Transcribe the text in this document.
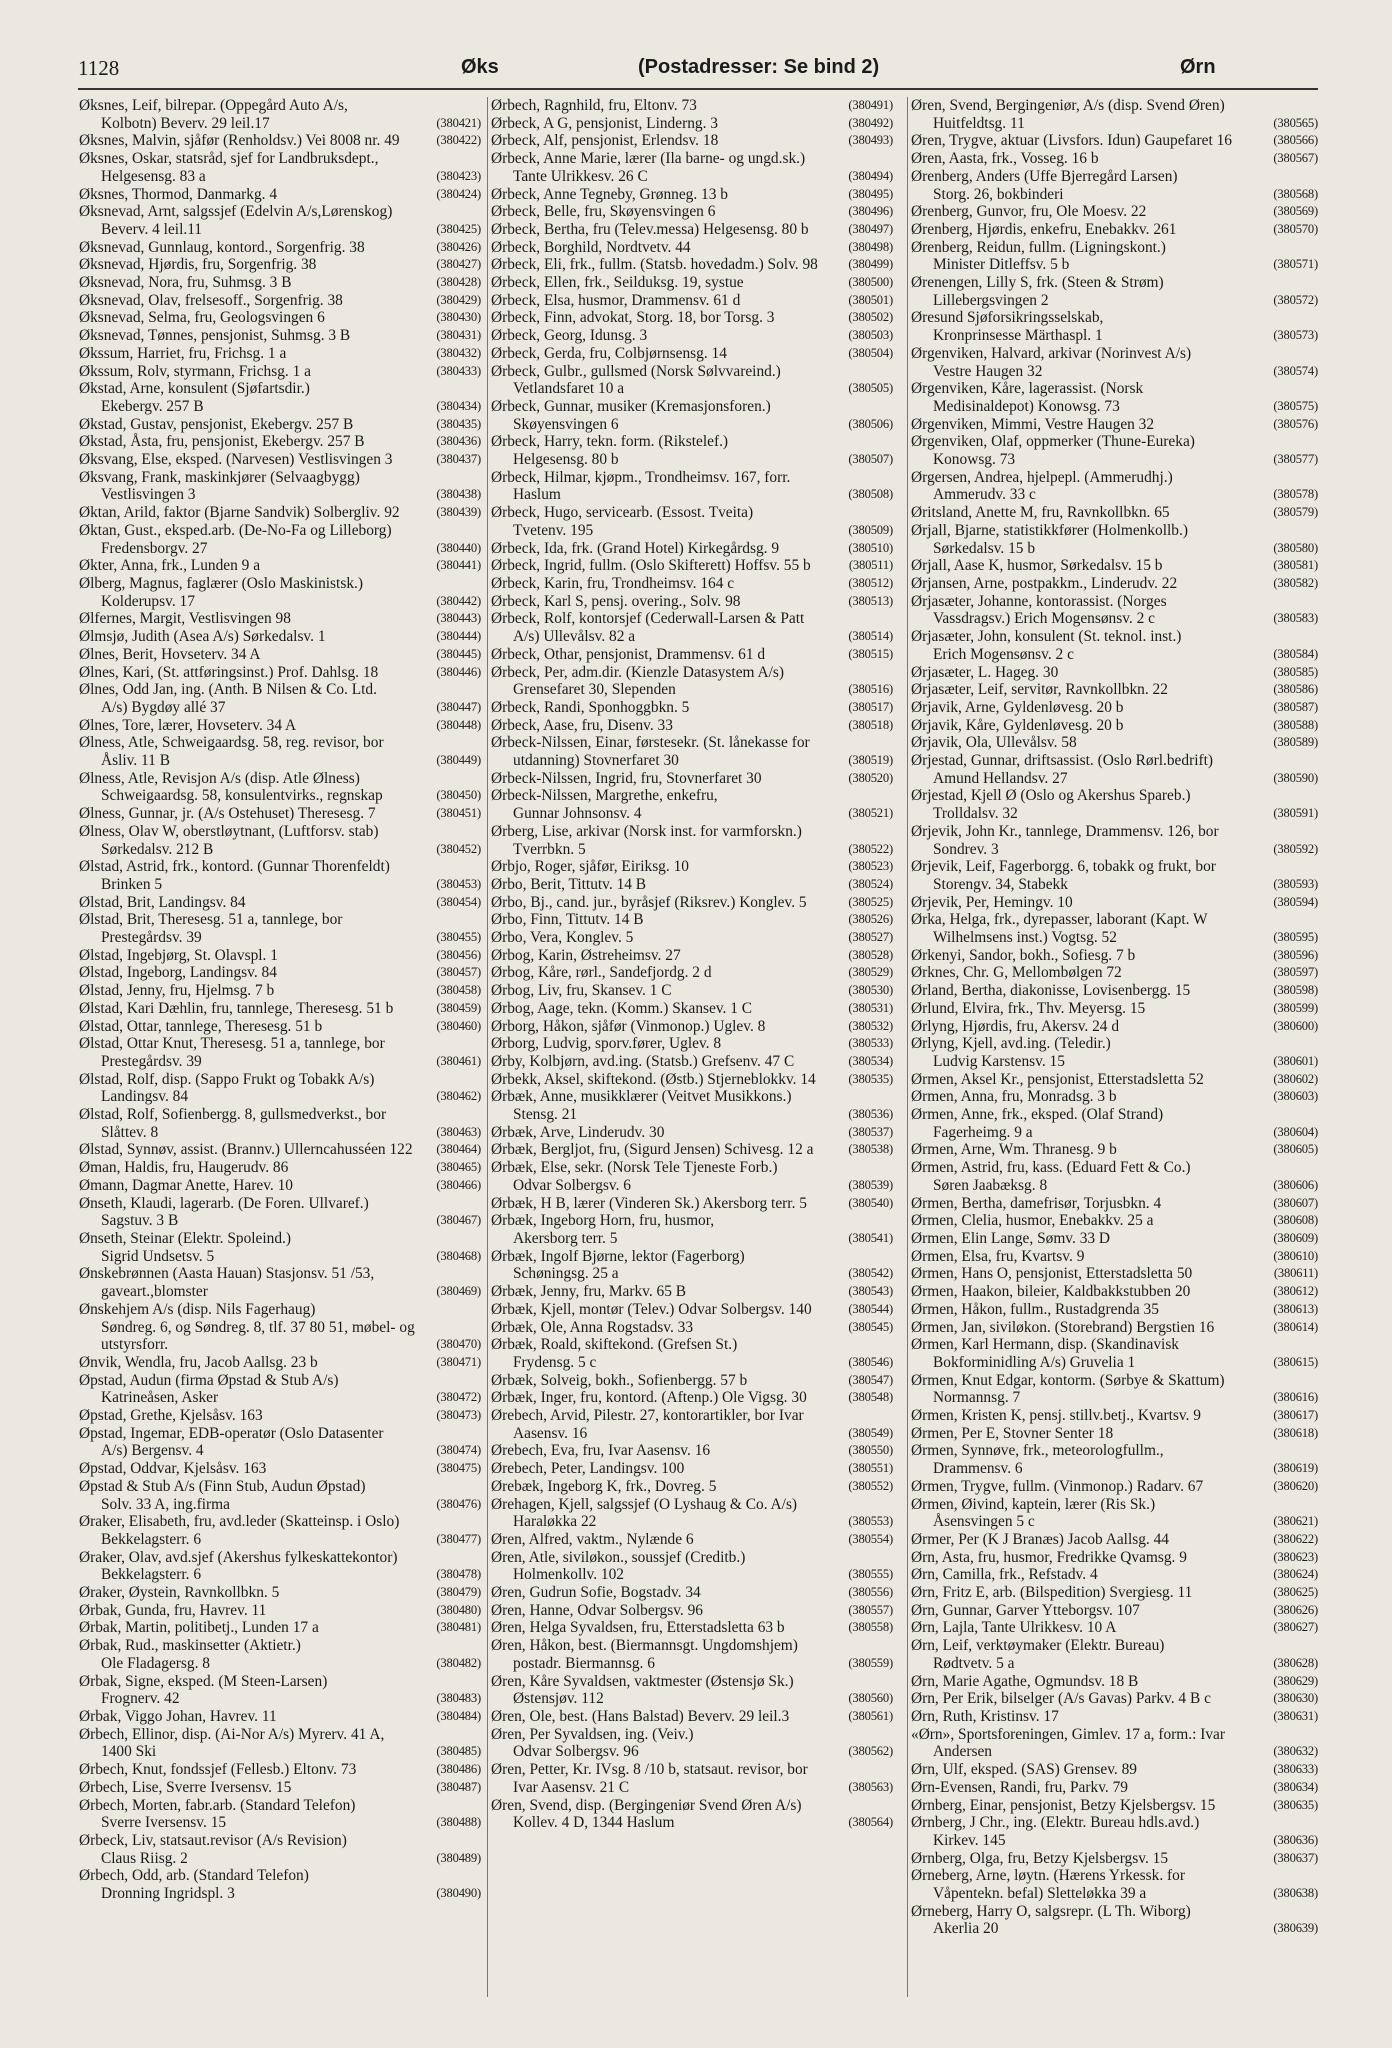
1128	Øks	(Postadresser: Se bind 2)	Ørn
Øksnes, Leif, bilrepar. (Oppegård Auto A/s,
Kolbotn) Beverv. 29 leil.17	(380421)
Øksnes, Malvin, sjåfør (Renholdsv.) Vei 8008 nr. 49	(380422)
Øksnes, Oskar, statsråd, sjef for Landbruksdept.,
Helgesensg. 83 a	(380423)
Øksnes, Thormod, Danmarkg. 4	(380424)
Øksnevad, Arnt, salgssjef (Edelvin A/s,Lørenskog)
Beverv. 4 leil.11	(380425)
Øksnevad, Gunnlaug, kontord., Sorgenfrig. 38	(380426)
Øksnevad, Hjørdis, fru, Sorgenfrig. 38	(380427)
Øksnevad, Nora, fru, Suhmsg. 3 B	(380428)
Øksnevad, Olav, frelsesoff., Sorgenfrig. 38	(380429)
Øksnevad, Selma, fru, Geologsvingen 6	(380430)
Øksnevad, Tønnes, pensjonist, Suhmsg. 3 B	(380431)
Økssum, Harriet, fru, Frichsg. 1 a	(380432)
Økssum, Rolv, styrmann, Frichsg. 1 a	(380433)
Økstad, Arne, konsulent (Sjøfartsdir.)
Ekebergv. 257 B	(380434)
Økstad, Gustav, pensjonist, Ekebergv. 257 B	(380435)
Økstad, Åsta, fru, pensjonist, Ekebergv. 257 B	(380436)
Øksvang, Else, eksped. (Narvesen) Vestlisvingen 3	(380437)
Øksvang, Frank, maskinkjører (Selvaagbygg)
Vestlisvingen 3	(380438)
Øktan, Arild, faktor (Bjarne Sandvik) Solbergliv. 92	(380439)
Øktan, Gust., eksped.arb. (De-No-Fa og Lilleborg)
Fredensborgv. 27	(380440)
Økter, Anna, frk., Lunden 9 a	(380441)
Ølberg, Magnus, faglærer (Oslo Maskinistsk.)
Kolderupsv. 17	(380442)
Ølfernes, Margit, Vestlisvingen 98	(380443)
Ølmsjø, Judith (Asea A/s) Sørkedalsv. 1	(380444)
Ølnes, Berit, Hovseterv. 34 A	(380445)
Ølnes, Kari, (St. attføringsinst.) Prof. Dahlsg. 18	(380446)
Ølnes, Odd Jan, ing. (Anth. B Nilsen & Co. Ltd.
A/s) Bygdøy allé 37	(380447)
Ølnes, Tore, lærer, Hovseterv. 34 A	(380448)
Ølness, Atle, Schweigaardsg. 58, reg. revisor, bor
Åsliv. 11 B	(380449)
Ølness, Atle, Revisjon A/s (disp. Atle Ølness)
Schweigaardsg. 58, konsulentvirks., regnskap	(380450)
Ølness, Gunnar, jr. (A/s Ostehuset) Theresesg. 7	(380451)
Ølness, Olav W, oberstløytnant, (Luftforsv. stab)
Sørkedalsv. 212 B	(380452)
Ølstad, Astrid, frk., kontord. (Gunnar Thorenfeldt)
Brinken 5	(380453)
Ølstad, Brit, Landingsv. 84	(380454)
Ølstad, Brit, Theresesg. 51 a, tannlege, bor
Prestegårdsv. 39	(380455)
Ølstad, Ingebjørg, St. Olavspl. 1	(380456)
Ølstad, Ingeborg, Landingsv. 84	(380457)
Ølstad, Jenny, fru, Hjelmsg. 7 b	(380458)
Ølstad, Kari Dæhlin, fru, tannlege, Theresesg. 51 b	(380459)
Ølstad, Ottar, tannlege, Theresesg. 51 b	(380460)
Ølstad, Ottar Knut, Theresesg. 51 a, tannlege, bor
Prestegårdsv. 39	(380461)
Ølstad, Rolf, disp. (Sappo Frukt og Tobakk A/s)
Landingsv. 84	(380462)
Ølstad, Rolf, Sofienbergg. 8, gullsmedverkst., bor
Slåttev. 8	(380463)
Ølstad, Synnøv, assist. (Brannv.) Ullerncahusséen 122 (380464)
Øman, Haldis, fru, Haugerudv. 86	(380465)
Ømann, Dagmar Anette, Harev. 10	(380466)
Ønseth, Klaudi, lagerarb. (De Foren. Ullvaref.)
Sagstuv. 3 B	(380467)
Ønseth, Steinar (Elektr. Spoleind.)
Sigrid Undsetsv. 5	(380468)
Ønskebrønnen (Aasta Hauan) Stasjonsv. 51 /53,
gaveart.,blomster	(380469)
Ønskehjem A/s (disp. Nils Fagerhaug)
Søndreg. 6, og Søndreg. 8, tlf. 37 80 51, møbel- og utstyrsforr.	(380470)
Ønvik, Wendla, fru, Jacob Aallsg. 23 b	(380471)
Øpstad, Audun (firma Øpstad & Stub A/s)
Katrineåsen, Asker	(380472)
Øpstad, Grethe, Kjelsåsv. 163	(380473)
Øpstad, Ingemar, EDB-operatør (Oslo Datasenter
A/s) Bergensv. 4	(380474)
Øpstad, Oddvar, Kjelsåsv. 163	(380475)
Øpstad & Stub A/s (Finn Stub, Audun Øpstad)
Solv. 33 A, ing.firma	(380476)
Øraker, Elisabeth, fru, avd.leder (Skatteinsp. i Oslo)
Bekkelagsterr. 6	(380477)
Øraker, Olav, avd.sjef (Akershus fylkeskattekontor)
Bekkelagsterr. 6	(380478)
Øraker, Øystein, Ravnkollbkn. 5	(380479)
Ørbak, Gunda, fru, Havrev. 11	(380480)
Ørbak, Martin, politibetj., Lunden 17 a	(380481)
Ørbak, Rud., maskinsetter (Aktietr.)
Ole Fladagersg. 8	(380482)
Ørbak, Signe, eksped. (M Steen-Larsen)
Frognerv. 42	(380483)
Ørbak, Viggo Johan, Havrev. 11	(380484)
Ørbech, Ellinor, disp. (Ai-Nor A/s) Myrerv. 41 A,
1400 Ski	(380485)
Ørbech, Knut, fondssjef (Fellesb.) Eltonv. 73	(380486)
Ørbech, Lise, Sverre Iversensv. 15	(380487)
Ørbech, Morten, fabr.arb. (Standard Telefon)
Sverre Iversensv. 15	(380488)
Ørbeck, Liv, statsaut.revisor (A/s Revision)
Claus Riisg. 2	(380489)
Ørbech, Odd, arb. (Standard Telefon)
Dronning Ingridspl. 3	(380490)
Ørbech, Ragnhild, fru, Eltonv. 73	(380491)
Ørbeck, A G, pensjonist, Linderng. 3	(380492)
Ørbeck, Alf, pensjonist, Erlendsv. 18	(380493)
Ørbeck, Anne Marie, lærer (Ila barne- og ungd.sk.)
Tante Ulrikkesv. 26 C	(380494)
Ørbeck, Anne Tegneby, Grønneg. 13 b	(380495)
Ørbeck, Belle, fru, Skøyensvingen 6	(380496)
Ørbeck, Bertha, fru (Telev.messa) Helgesensg. 80 b	(380497)
Ørbeck, Borghild, Nordtvetv. 44	(380498)
Ørbeck, Eli, frk., fullm. (Statsb. hovedadm.) Solv. 98 (380499)
Ørbeck, Ellen, frk., Seilduksg. 19, systue	(380500)
Ørbeck, Elsa, husmor, Drammensv. 61 d	(380501)
Ørbeck, Finn, advokat, Storg. 18, bor Torsg. 3	(380502)
Ørbeck, Georg, Idunsg. 3	(380503)
Ørbeck, Gerda, fru, Colbjørnsensg. 14	(380504)
Ørbeck, Gulbr., gullsmed (Norsk Sølvvareind.)
Vetlandsfaret 10 a	(380505)
Ørbeck, Gunnar, musiker (Kremasjonsforen.)
Skøyensvingen 6	(380506)
Ørbeck, Harry, tekn. form. (Rikstelef.)
Helgesensg. 80 b	(380507)
Ørbeck, Hilmar, kjøpm., Trondheimsv. 167, forr.
Haslum	(380508)
Ørbeck, Hugo, servicearb. (Essost. Tveita)
Tvetenv. 195	(380509)
Ørbeck, Ida, frk. (Grand Hotel) Kirkegårdsg. 9	(380510)
Ørbeck, Ingrid, fullm. (Oslo Skifterett) Hoffsv. 55 b	(380511)
Ørbeck, Karin, fru, Trondheimsv. 164 c	(380512)
Ørbeck, Karl S, pensj. overing., Solv. 98	(380513)
Ørbeck, Rolf, kontorsjef (Cederwall-Larsen & Patt
A/s) Ullevålsv. 82 a	(380514)
Ørbeck, Othar, pensjonist, Drammensv. 61 d	(380515)
Ørbeck, Per, adm.dir. (Kienzle Datasystem A/s)
Grensefaret 30, Slependen	(380516)
Ørbeck, Randi, Sponhoggbkn. 5	(380517)
Ørbeck, Aase, fru, Disenv. 33	(380518)
Ørbeck-Nilssen, Einar, førstesekr. (St. lånekasse for
utdanning) Stovnerfaret 30	(380519)
Ørbeck-Nilssen, Ingrid, fru, Stovnerfaret 30	(380520)
Ørbeck-Nilssen, Margrethe, enkefru,
Gunnar Johnsonsv. 4	(380521)
Ørberg, Lise, arkivar (Norsk inst. for varmforskn.)
Tverrbkn. 5	(380522)
Ørbjo, Roger, sjåfør, Eiriksg. 10	(380523)
Ørbo, Berit, Tittutv. 14 B	(380524)
Ørbo, Bj., cand. jur., byråsjef (Riksrev.) Konglev. 5	(380525)
Ørbo, Finn, Tittutv. 14 B	(380526)
Ørbo, Vera, Konglev. 5	(380527)
Ørbog, Karin, Østreheimsv. 27	(380528)
Ørbog, Kåre, rørl., Sandefjordg. 2 d	(380529)
Ørbog, Liv, fru, Skansev. 1 C	(380530)
Ørbog, Aage, tekn. (Komm.) Skansev. 1 C	(380531)
Ørborg, Håkon, sjåfør (Vinmonop.) Uglev. 8	(380532)
Ørborg, Ludvig, sporv.fører, Uglev. 8	(380533)
Ørby, Kolbjørn, avd.ing. (Statsb.) Grefsenv. 47 C	(380534)
Ørbekk, Aksel, skiftekond. (Østb.) Stjerneblokkv. 14	(380535)
Ørbæk, Anne, musikklærer (Veitvet Musikkons.)
Stensg. 21	(380536)
Ørbæk, Arve, Linderudv. 30	(380537)
Ørbæk, Bergljot, fru, (Sigurd Jensen) Schivesg. 12 a	(380538)
Ørbæk, Else, sekr. (Norsk Tele Tjeneste Forb.)
Odvar Solbergsv. 6	(380539)
Ørbæk, H B, lærer (Vinderen Sk.) Akersborg terr. 5	(380540)
Ørbæk, Ingeborg Horn, fru, husmor,
Akersborg terr. 5	(380541)
Ørbæk, Ingolf Bjørne, lektor (Fagerborg)
Schøningsg. 25 a	(380542)
Ørbæk, Jenny, fru, Markv. 65 B	(380543)
Ørbæk, Kjell, montør (Telev.) Odvar Solbergsv. 140	(380544)
Ørbæk, Ole, Anna Rogstadsv. 33	(380545)
Ørbæk, Roald, skiftekond. (Grefsen St.)
Frydensg. 5 c	(380546)
Ørbæk, Solveig, bokh., Sofienbergg. 57 b	(380547)
Ørbæk, Inger, fru, kontord. (Aftenp.) Ole Vigsg. 30	(380548)
Ørebech, Arvid, Pilestr. 27, kontorartikler, bor Ivar
Aasensv. 16	(380549)
Ørebech, Eva, fru, Ivar Aasensv. 16	(380550)
Ørebech, Peter, Landingsv. 100	(380551)
Ørebæk, Ingeborg K, frk., Dovreg. 5	(380552)
Ørehagen, Kjell, salgssjef (O Lyshaug & Co. A/s)
Haraløkka 22	(380553)
Øren, Alfred, vaktm., Nylænde 6	(380554)
Øren, Atle, siviløkon., soussjef (Creditb.)
Holmenkollv. 102	(380555)
Øren, Gudrun Sofie, Bogstadv. 34	(380556)
Øren, Hanne, Odvar Solbergsv. 96	(380557)
Øren, Helga Syvaldsen, fru, Etterstadsletta 63 b	(380558)
Øren, Håkon, best. (Biermannsgt. Ungdomshjem)
postadr. Biermannsg. 6	(380559)
Øren, Kåre Syvaldsen, vaktmester (Østensjø Sk.)
Østensjøv. 112	(380560)
Øren, Ole, best. (Hans Balstad) Beverv. 29 leil.3	(380561)
Øren, Per Syvaldsen, ing. (Veiv.)
Odvar Solbergsv. 96	(380562)
Øren, Petter, Kr. IVsg. 8 /10 b, statsaut. revisor, bor
Ivar Aasensv. 21 C	(380563)
Øren, Svend, disp. (Bergingeniør Svend Øren A/s)
Kollev. 4 D, 1344 Haslum	(380564)
Øren, Svend, Bergingeniør, A/s (disp. Svend Øren)
Huitfeldtsg. 11	(380565)
Øren, Trygve, aktuar (Livsfors. Idun) Gaupefaret 16	(380566)
Øren, Aasta, frk., Vosseg. 16 b	(380567)
Ørenberg, Anders (Uffe Bjerregård Larsen)
Storg. 26, bokbinderi	(380568)
Ørenberg, Gunvor, fru, Ole Moesv. 22	(380569)
Ørenberg, Hjørdis, enkefru, Enebakkv. 261	(380570)
Ørenberg, Reidun, fullm. (Ligningskont.)
Minister Ditleffsv. 5 b	(380571)
Ørenengen, Lilly S, frk. (Steen & Strøm)
Lillebergsvingen 2	(380572)
Øresund Sjøforsikringsselskab,
Kronprinsesse Märthaspl. 1	(380573)
Ørgenviken, Halvard, arkivar (Norinvest A/s)
Vestre Haugen 32	(380574)
Ørgenviken, Kåre, lagerassist. (Norsk
Medisinaldepot) Konowsg. 73	(380575)
Ørgenviken, Mimmi, Vestre Haugen 32	(380576)
Ørgenviken, Olaf, oppmerker (Thune-Eureka)
Konowsg. 73	(380577)
Ørgersen, Andrea, hjelpepl. (Ammerudhj.)
Ammerudv. 33 c	(380578)
Øritsland, Anette M, fru, Ravnkollbkn. 65	(380579)
Ørjall, Bjarne, statistikkfører (Holmenkollb.)
Sørkedalsv. 15 b	(380580)
Ørjall, Aase K, husmor, Sørkedalsv. 15 b	(380581)
Ørjansen, Arne, postpakkm., Linderudv. 22	(380582)
Ørjasæter, Johanne, kontorassist. (Norges
Vassdragsv.) Erich Mogensønsv. 2 c	(380583)
Ørjasæter, John, konsulent (St. teknol. inst.)
Erich Mogensønsv. 2 c	(380584)
Ørjasæter, L. Hageg. 30	(380585)
Ørjasæter, Leif, servitør, Ravnkollbkn. 22	(380586)
Ørjavik, Arne, Gyldenløvesg. 20 b	(380587)
Ørjavik, Kåre, Gyldenløvesg. 20 b	(380588)
Ørjavik, Ola, Ullevålsv. 58	(380589)
Ørjestad, Gunnar, driftsassist. (Oslo Rørl.bedrift)
Amund Hellandsv. 27	(380590)
Ørjestad, Kjell Ø (Oslo og Akershus Spareb.)
Trolldalsv. 32	(380591)
Ørjevik, John Kr., tannlege, Drammensv. 126, bor
Sondrev. 3	(380592)
Ørjevik, Leif, Fagerborgg. 6, tobakk og frukt, bor
Storengv. 34, Stabekk	(380593)
Ørjevik, Per, Hemingv. 10	(380594)
Ørka, Helga, frk., dyrepasser, laborant (Kapt. W
Wilhelmsens inst.) Vogtsg. 52	(380595)
Ørkenyi, Sandor, bokh., Sofiesg. 7 b	(380596)
Ørknes, Chr. G, Mellombølgen 72	(380597)
Ørland, Bertha, diakonisse, Lovisenbergg. 15	(380598)
Ørlund, Elvira, frk., Thv. Meyersg. 15	(380599)
Ørlyng, Hjørdis, fru, Akersv. 24 d	(380600)
Ørlyng, Kjell, avd.ing. (Teledir.)
Ludvig Karstensv. 15	(380601)
Ørmen, Aksel Kr., pensjonist, Etterstadsletta 52	(380602)
Ørmen, Anna, fru, Monradsg. 3 b	(380603)
Ørmen, Anne, frk., eksped. (Olaf Strand)
Fagerheimg. 9 a	(380604)
Ørmen, Arne, Wm. Thranesg. 9 b	(380605)
Ørmen, Astrid, fru, kass. (Eduard Fett & Co.)
Søren Jaabæksg. 8	(380606)
Ørmen, Bertha, damefrisør, Torjusbkn. 4	(380607)
Ørmen, Clelia, husmor, Enebakkv. 25 a	(380608)
Ørmen, Elin Lange, Sømv. 33 D	(380609)
Ørmen, Elsa, fru, Kvartsv. 9	(380610)
Ørmen, Hans O, pensjonist, Etterstadsletta 50	(380611)
Ørmen, Haakon, bileier, Kaldbakkstubben 20	(380612)
Ørmen, Håkon, fullm., Rustadgrenda 35	(380613)
Ørmen, Jan, siviløkon. (Storebrand) Bergstien 16	(380614)
Ørmen, Karl Hermann, disp. (Skandinavisk
Bokforminidling A/s) Gruvelia 1	(380615)
Ørmen, Knut Edgar, kontorm. (Sørbye & Skattum)
Normannsg. 7	(380616)
Ørmen, Kristen K, pensj. stillv.betj., Kvartsv. 9	(380617)
Ørmen, Per E, Stovner Senter 18	(380618)
Ørmen, Synnøve, frk., meteorologfullm.,
Drammensv. 6	(380619)
Ørmen, Trygve, fullm. (Vinmonop.) Radarv. 67	(380620)
Ørmen, Øivind, kaptein, lærer (Ris Sk.)
Åsensvingen 5 c	(380621)
Ørmer, Per (K J Branæs) Jacob Aallsg. 44	(380622)
Ørn, Asta, fru, husmor, Fredrikke Qvamsg. 9	(380623)
Ørn, Camilla, frk., Refstadv. 4	(380624)
Ørn, Fritz E, arb. (Bilspedition) Svergiesg. 11	(380625)
Ørn, Gunnar, Garver Ytteborgsv. 107	(380626)
Ørn, Lajla, Tante Ulrikkesv. 10 A	(380627)
Ørn, Leif, verktøymaker (Elektr. Bureau)
Rødtvetv. 5 a	(380628)
Ørn, Marie Agathe, Ogmundsv. 18 B	(380629)
Ørn, Per Erik, bilselger (A/s Gavas) Parkv. 4 B c	(380630)
Ørn, Ruth, Kristinsv. 17	(380631)
«Ørn», Sportsforeningen, Gimlev. 17 a, form.: Ivar
Andersen	(380632)
Ørn, Ulf, eksped. (SAS) Grensev. 89	(380633)
Ørn-Evensen, Randi, fru, Parkv. 79	(380634)
Ørnberg, Einar, pensjonist, Betzy Kjelsbergsv. 15	(380635)
Ørnberg, J Chr., ing. (Elektr. Bureau hdls.avd.)
Kirkev. 145	(380636)
Ørnberg, Olga, fru, Betzy Kjelsbergsv. 15	(380637)
Ørneberg, Arne, løytn. (Hærens Yrkessk. for
Våpentekn. befal) Sletteløkka 39 a	(380638)
Ørneberg, Harry O, salgsrepr. (L Th. Wiborg)
Akerlia 20	(380639)
